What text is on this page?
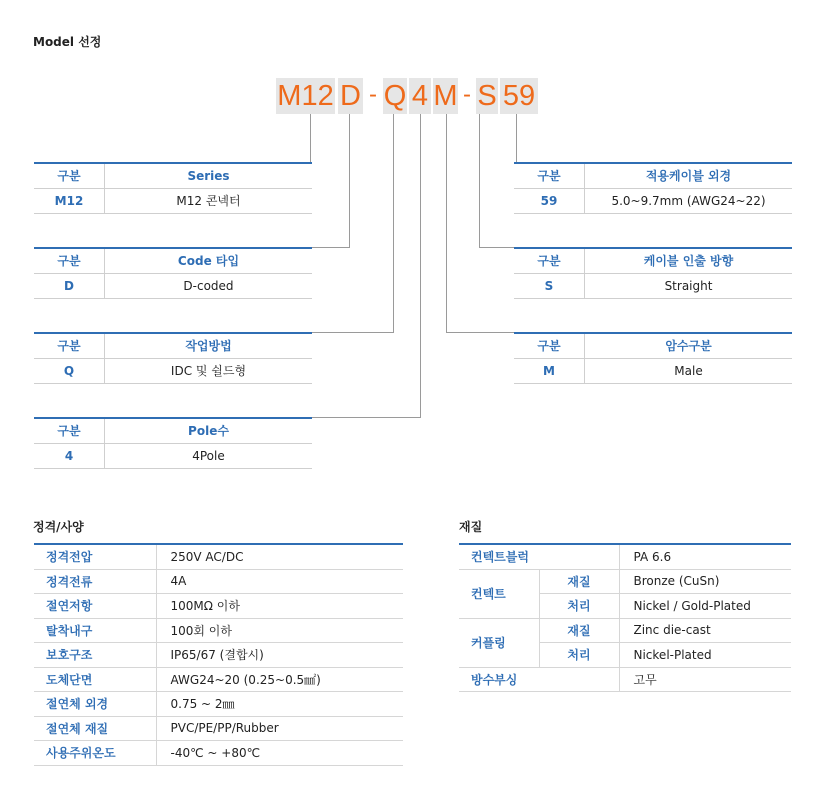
Model 선정
M12 D - Q 4 M - S 59
구분	Series
M12	M12 콘넥터
구분	Code 타입
D	D-coded
구분	작업방법
Q	IDC 및 쉴드형
구분	Pole수
4	4Pole
구분	적용케이블 외경
59	5.0~9.7mm (AWG24~22)
구분	케이블 인출 방향
S	Straight
구분	암수구분
M	Male
정격/사양
정격전압	250V AC/DC
정격전류	4A
절연저항	100MΩ 이하
탈착내구	100회 이하
보호구조	IP65/67 (결합시)
도체단면	AWG24~20 (0.25~0.5㎟)
절연체 외경	0.75 ~ 2㎜
절연체 재질	PVC/PE/PP/Rubber
사용주위온도	-40℃ ~ +80℃
재질
컨텍트블럭		PA 6.6
컨텍트	재질	Bronze (CuSn)
	처리	Nickel / Gold-Plated
커플링	재질	Zinc die-cast
	처리	Nickel-Plated
방수부싱		고무
